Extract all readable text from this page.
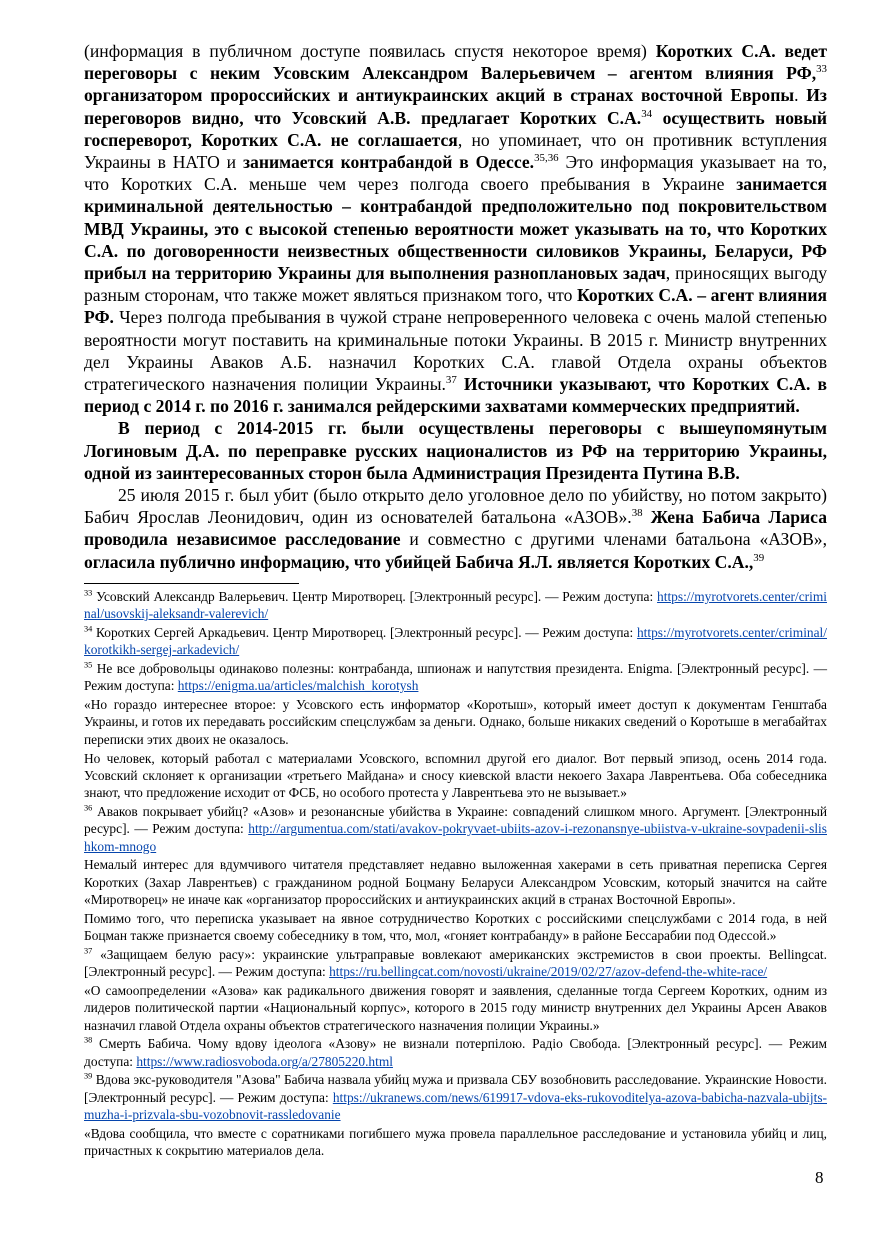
(информация в публичном доступе появилась спустя некоторое время) Коротких С.А. ведет переговоры с неким Усовским Александром Валерьевичем – агентом влияния РФ,$^{33}$ организатором пророссийских и антиукраинских акций в странах восточной Европы. Из переговоров видно, что Усовский А.В. предлагает Коротких С.А.$^{34}$ осуществить новый госпереворот, Коротких С.А. не соглашается, но упоминает, что он противник вступления Украины в НАТО и занимается контрабандой в Одессе.$^{35,36}$ Это информация указывает на то, что Коротких С.А. меньше чем через полгода своего пребывания в Украине занимается криминальной деятельностью – контрабандой предположительно под покровительством МВД Украины, это с высокой степенью вероятности может указывать на то, что Коротких С.А. по договоренности неизвестных общественности силовиков Украины, Беларуси, РФ прибыл на территорию Украины для выполнения разноплановых задач, приносящих выгоду разным сторонам, что также может являться признаком того, что Коротких С.А. – агент влияния РФ. Через полгода пребывания в чужой стране непроверенного человека с очень малой степенью вероятности могут поставить на криминальные потоки Украины. В 2015 г. Министр внутренних дел Украины Аваков А.Б. назначил Коротких С.А. главой Отдела охраны объектов стратегического назначения полиции Украины.$^{37}$ Источники указывают, что Коротких С.А. в период с 2014 г. по 2016 г. занимался рейдерскими захватами коммерческих предприятий.

В период с 2014-2015 гг. были осуществлены переговоры с вышеупомянутым Логиновым Д.А. по переправке русских националистов из РФ на территорию Украины, одной из заинтересованных сторон была Администрация Президента Путина В.В.

25 июля 2015 г. был убит (было открыто дело уголовное дело по убийству, но потом закрыто) Бабич Ярослав Леонидович, один из основателей батальона «АЗОВ».$^{38}$ Жена Бабича Лариса проводила независимое расследование и совместно с другими членами батальона «АЗОВ», огласила публично информацию, что убийцей Бабича Я.Л. является Коротких С.А.,$^{39}$

$^{33}$ Усовский Александр Валерьевич. Центр Миротворец. [Электронный ресурс]. — Режим доступа: https://myrotvorets.center/criminal/usovskij-aleksandr-valerevich/

$^{34}$ Коротких Сергей Аркадьевич. Центр Миротворец. [Электронный ресурс]. — Режим доступа: https://myrotvorets.center/criminal/korotkikh-sergej-arkadevich/

$^{35}$ Не все добровольцы одинаково полезны: контрабанда, шпионаж и напутствия президента. Enigma. [Электронный ресурс]. — Режим доступа: https://enigma.ua/articles/malchish_korotysh

«Но гораздо интереснее второе: у Усовского есть информатор «Коротыш», который имеет доступ к документам Генштаба Украины, и готов их передавать российским спецслужбам за деньги. Однако, больше никаких сведений о Коротыше в мегабайтах переписки этих двоих не оказалось.

Но человек, который работал с материалами Усовского, вспомнил другой его диалог. Вот первый эпизод, осень 2014 года. Усовский склоняет к организации «третьего Майдана» и сносу киевской власти некоего Захара Лаврентьева. Оба собеседника знают, что предложение исходит от ФСБ, но особого протеста у Лаврентьева это не вызывает.»

$^{36}$ Аваков покрывает убийц? «Азов» и резонансные убийства в Украине: совпадений слишком много. Аргумент. [Электронный ресурс]. — Режим доступа: http://argumentua.com/stati/avakov-pokryvaet-ubiits-azov-i-rezonansnye-ubiistva-v-ukraine-sovpadenii-slishkom-mnogo

Немалый интерес для вдумчивого читателя представляет недавно выложенная хакерами в сеть приватная переписка Сергея Коротких (Захар Лаврентьев) с гражданином родной Боцману Беларуси Александром Усовским, который значится на сайте «Миротворец» не иначе как «организатор пророссийских и антиукраинских акций в странах Восточной Европы».

Помимо того, что переписка указывает на явное сотрудничество Коротких с российскими спецслужбами с 2014 года, в ней Боцман также признается своему собеседнику в том, что, мол, «гоняет контрабанду» в районе Бессарабии под Одессой.»

$^{37}$ «Защищаем белую расу»: украинские ультраправые вовлекают американских экстремистов в свои проекты. Bellingcat. [Электронный ресурс]. — Режим доступа: https://ru.bellingcat.com/novosti/ukraine/2019/02/27/azov-defend-the-white-race/

«О самоопределении «Азова» как радикального движения говорят и заявления, сделанные тогда Сергеем Коротких, одним из лидеров политической партии «Национальный корпус», которого в 2015 году министр внутренних дел Украины Арсен Аваков назначил главой Отдела охраны объектов стратегического назначения полиции Украины.»

$^{38}$ Смерть Бабича. Чому вдову ідеолога «Азову» не визнали потерпілою. Радіо Свобода. [Электронный ресурс]. — Режим доступа: https://www.radiosvoboda.org/a/27805220.html

$^{39}$ Вдова экс-руководителя "Азова" Бабича назвала убийц мужа и призвала СБУ возобновить расследование. Украинские Новости. [Электронный ресурс]. — Режим доступа: https://ukranews.com/news/619917-vdova-eks-rukovoditelya-azova-babicha-nazvala-ubijts-muzha-i-prizvala-sbu-vozobnovit-rassledovanie

«Вдова сообщила, что вместе с соратниками погибшего мужа провела параллельное расследование и установила убийц и лиц, причастных к сокрытию материалов дела.

8
